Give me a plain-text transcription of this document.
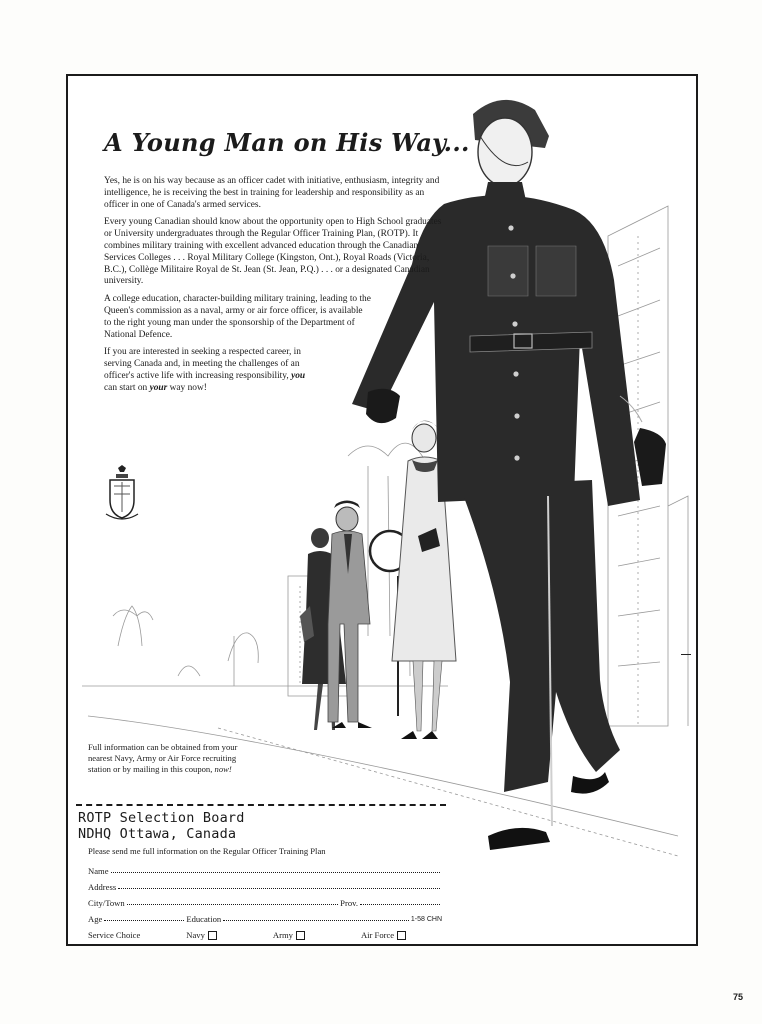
A Young Man on His Way...

Yes, he is on his way because as an officer cadet with initiative, enthusiasm, integrity and intelligence, he is receiving the best in training for leadership and responsibility as an officer in one of Canada's armed services.

Every young Canadian should know about the opportunity open to High School graduates or University undergraduates through the Regular Officer Training Plan, (ROTP). It combines military training with excellent advanced education through the Canadian Services Colleges . . . Royal Military College (Kingston, Ont.), Royal Roads (Victoria, B.C.), Collège Militaire Royal de St. Jean (St. Jean, P.Q.) . . . or a designated Canadian university.

A college education, character-building military training, leading to the Queen's commission as a naval, army or air force officer, is available to the right young man under the sponsorship of the Department of National Defence.

If you are interested in seeking a respected career, in serving Canada and, in meeting the challenges of an officer's active life with increasing responsibility, you can start on your way now!

Full information can be obtained from your nearest Navy, Army or Air Force recruiting station or by mailing in this coupon, now!

ROTP Selection Board

NDHQ Ottawa, Canada

Please send me full information on the Regular Officer Training Plan

Name
Address
City/Town	Prov.
Age	Education	1-58 CHN
Service Choice	Navy	Army	Air Force
75
